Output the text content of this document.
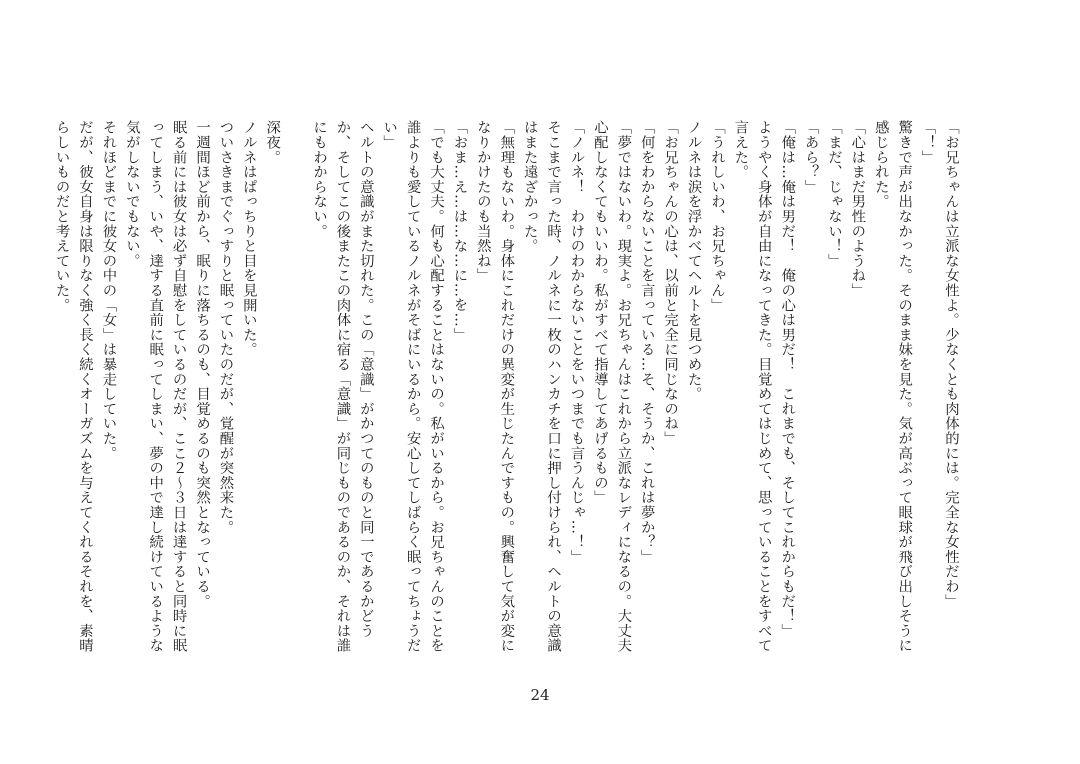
「お兄ちゃんは立派な女性よ。少なくとも肉体的には。完全な女性だわ」
「！」
驚きで声が出なかった。そのまま妹を見た。気が高ぶって眼球が飛び出しそうに感じられた。
「心はまだ男性のようね」
「まだ、じゃない！」
「あら？」
「俺は…俺は男だ！　俺の心は男だ！　これまでも、そしてこれからもだ！」
ようやく身体が自由になってきた。目覚めてはじめて、思っていることをすべて言えた。
「うれしいわ、お兄ちゃん」
ノルネは涙を浮かべてヘルトを見つめた。
「お兄ちゃんの心は、以前と完全に同じなのね」
「何をわからないことを言っている…そ、そうか、これは夢か？」
「夢ではないわ。現実よ。お兄ちゃんはこれから立派なレディになるの。大丈夫心配しなくてもいいわ。私がすべて指導してあげるもの」
「ノルネ！　わけのわからないことをいつまでも言うんじゃ…！」
そこまで言った時、ノルネに一枚のハンカチを口に押し付けられ、ヘルトの意識はまた遠ざかった。
「無理もないわ。身体にこれだけの異変が生じたんですもの。興奮して気が変になりかけたのも当然ね」
「おま…え…は…な…に…を…」
「でも大丈夫。何も心配することはないの。私がいるから。お兄ちゃんのことを誰よりも愛しているノルネがそばにいるから。安心してしばらく眠ってちょうだい」
ヘルトの意識がまた切れた。この「意識」がかつてのものと同一であるかどうか、そしてこの後またこの肉体に宿る「意識」が同じものであるのか、それは誰にもわからない。
深夜。
ノルネはぱっちりと目を見開いた。
ついさきまでぐっすりと眠っていたのだが、覚醒が突然来た。
一週間ほど前から、眠りに落ちるのも、目覚めるのも突然となっている。
眠る前には彼女は必ず自慰をしているのだが、ここ２〜３日は達すると同時に眠ってしまう、いや、達する直前に眠ってしまい、夢の中で達し続けているような気がしないでもない。
それほどまでに彼女の中の「女」は暴走していた。
だが、彼女自身は限りなく強く長く続くオーガズムを与えてくれるそれを、素晴らしいものだと考えていた。
24
